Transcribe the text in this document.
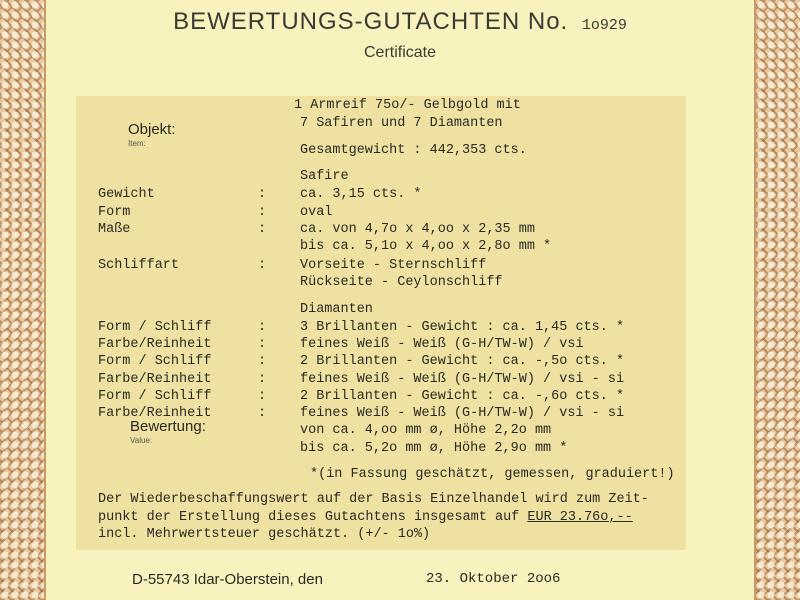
BEWERTUNGS-GUTACHTEN No. 1o929
Certificate
Objekt:
Item:
1 Armreif 75o/- Gelbgold mit
7 Safiren und 7 Diamanten
Gesamtgewicht : 442,353 cts.
Safire
Gewicht	:	ca. 3,15 cts. *
Form	:	oval
Maße	:	ca. von 4,7o x 4,oo x 2,35 mm
bis ca. 5,1o x 4,oo x 2,8o mm *
Schliffart	:	Vorseite - Sternschliff
Rückseite - Ceylonschliff
Diamanten
Form / Schliff	:	3 Brillanten - Gewicht : ca. 1,45 cts. *
Farbe/Reinheit	:	feines Weiß - Weiß (G-H/TW-W) / vsi
Form / Schliff	:	2 Brillanten - Gewicht : ca. -,5o cts. *
Farbe/Reinheit	:	feines Weiß - Weiß (G-H/TW-W) / vsi - si
Form / Schliff	:	2 Brillanten - Gewicht : ca. -,6o cts. *
Farbe/Reinheit	:	feines Weiß - Weiß (G-H/TW-W) / vsi - si
Bewertung:
Value:
von ca. 4,oo mm ø, Höhe 2,2o mm
bis ca. 5,2o mm ø, Höhe 2,9o mm *
*(in Fassung geschätzt, gemessen, graduiert!)
Der Wiederbeschaffungswert auf der Basis Einzelhandel wird zum Zeit-
punkt der Erstellung dieses Gutachtens insgesamt auf EUR 23.76o,--
incl. Mehrwertsteuer geschätzt. (+/- 1o%)
D-55743 Idar-Oberstein, den	23. Oktober 2oo6
